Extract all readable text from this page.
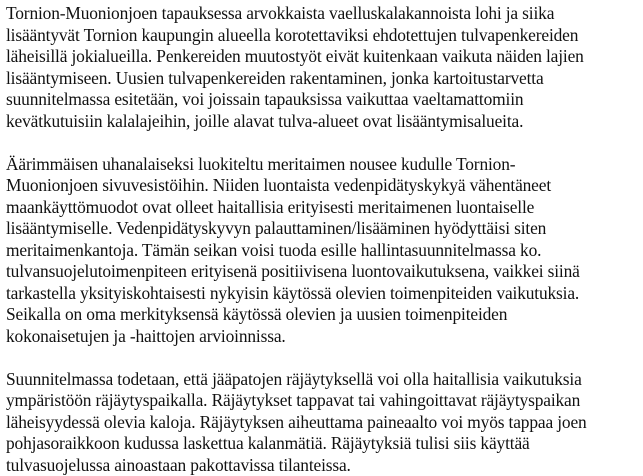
Tornion-Muonionjoen tapauksessa arvokkaista vaelluskalakannoista lohi ja siika
lisääntyvät Tornion kaupungin alueella korotettaviksi ehdotettujen tulvapenkereiden
läheisillä jokialueilla. Penkereiden muutostyöt eivät kuitenkaan vaikuta näiden lajien
lisääntymiseen. Uusien tulvapenkereiden rakentaminen, jonka kartoitustarvetta
suunnitelmassa esitetään, voi joissain tapauksissa vaikuttaa vaeltamattomiin
kevätkutuisiin kalalajeihin, joille alavat tulva-alueet ovat lisääntymisalueita.

Äärimmäisen uhanalaiseksi luokiteltu meritaimen nousee kudulle Tornion-
Muonionjoen sivuvesistöihin. Niiden luontaista vedenpidätyskykyä vähentäneet
maankäyttömuodot ovat olleet haitallisia erityisesti meritaimenen luontaiselle
lisääntymiselle. Vedenpidätyskyvyn palauttaminen/lisääminen hyödyttäisi siten
meritaimenkantoja. Tämän seikan voisi tuoda esille hallintasuunnitelmassa ko.
tulvansuojelutoimenpiteen erityisenä positiivisena luontovaikutuksena, vaikkei siinä
tarkastella yksityiskohtaisesti nykyisin käytössä olevien toimenpiteiden vaikutuksia.
Seikalla on oma merkityksensä käytössä olevien ja uusien toimenpiteiden
kokonaisetujen ja -haittojen arvioinnissa.

Suunnitelmassa todetaan, että jääpatojen räjäytyksellä voi olla haitallisia vaikutuksia
ympäristöön räjäytyspaikalla. Räjäytykset tappavat tai vahingoittavat räjäytyspaikan
läheisyydessä olevia kaloja. Räjäytyksen aiheuttama paineaalto voi myös tappaa joen
pohjasoraikkoon kudussa laskettua kalanmätiä. Räjäytyksiä tulisi siis käyttää
tulvasuojelussa ainoastaan pakottavissa tilanteissa.
